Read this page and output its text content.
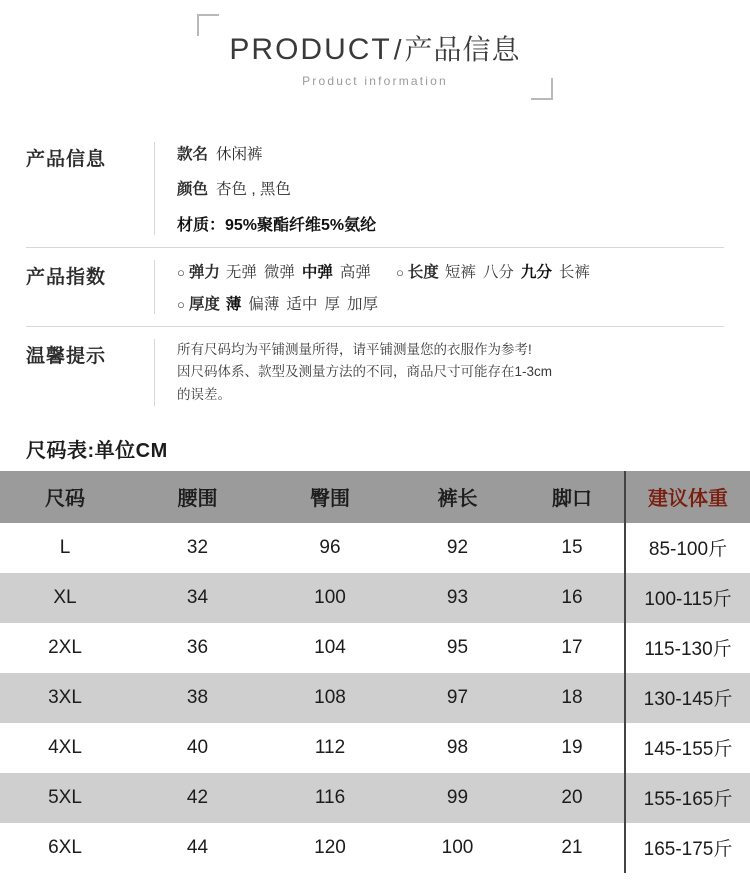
PRODUCT/产品信息
Product information
产品信息	款名 休闲裤
颜色 杏色 , 黑色
材质：95%聚酯纤维5%氨纶
产品指数	○ 弹力 无弹 微弹 中弹 高弹 ○ 长度 短裤 八分 九分 长裤
○ 厚度 薄 偏薄 适中 厚 加厚
温馨提示	所有尺码均为平铺测量所得，请平铺测量您的衣服作为参考!
因尺码体系、款型及测量方法的不同，商品尺寸可能存在1-3cm
的误差。
尺码表:单位CM
尺码	腰围	臀围	裤长	脚口	建议体重
L	32	96	92	15	85-100斤
XL	34	100	93	16	100-115斤
2XL	36	104	95	17	115-130斤
3XL	38	108	97	18	130-145斤
4XL	40	112	98	19	145-155斤
5XL	42	116	99	20	155-165斤
6XL	44	120	100	21	165-175斤
